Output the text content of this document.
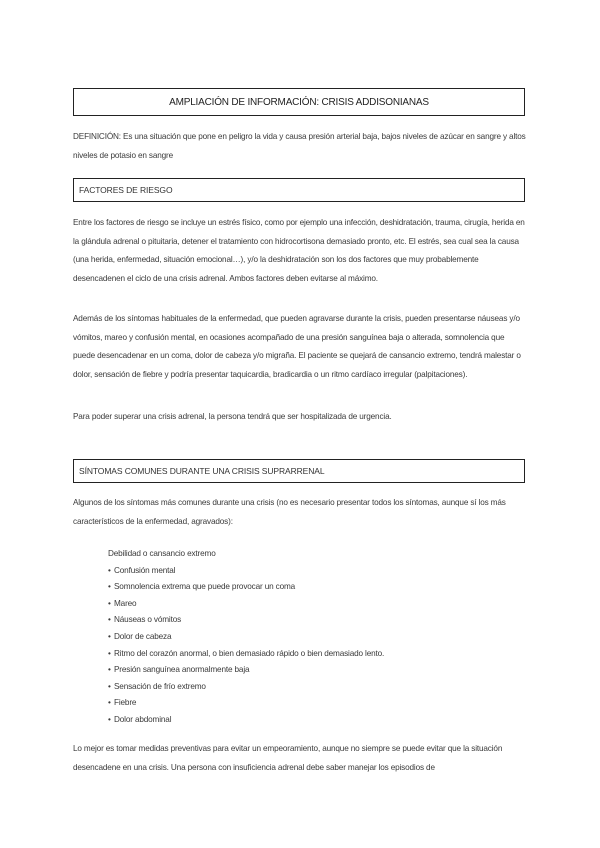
AMPLIACIÓN DE INFORMACIÓN: CRISIS ADDISONIANAS

DEFINICIÓN: Es una situación que pone en peligro la vida y causa presión arterial baja, bajos niveles de azúcar en sangre y altos niveles de potasio en sangre

FACTORES DE RIESGO

Entre los factores de riesgo se incluye un estrés físico, como por ejemplo una infección, deshidratación, trauma, cirugía, herida en la glándula adrenal o pituitaria, detener el tratamiento con hidrocortisona demasiado pronto, etc. El estrés, sea cual sea la causa (una herida, enfermedad, situación emocional…), y/o la deshidratación son los dos factores que muy probablemente desencadenen el ciclo de una crisis adrenal. Ambos factores deben evitarse al máximo.

Además de los síntomas habituales de la enfermedad, que pueden agravarse durante la crisis, pueden presentarse náuseas y/o vómitos, mareo y confusión mental, en ocasiones acompañado de una presión sanguínea baja o alterada, somnolencia que puede desencadenar en un coma, dolor de cabeza y/o migraña. El paciente se quejará de cansancio extremo, tendrá malestar o dolor, sensación de fiebre y podría presentar taquicardia, bradicardia o un ritmo cardíaco irregular (palpitaciones).

Para poder superar una crisis adrenal, la persona tendrá que ser hospitalizada de urgencia.

SÍNTOMAS COMUNES DURANTE UNA CRISIS SUPRARRENAL

Algunos de los síntomas más comunes durante una crisis (no es necesario presentar todos los síntomas, aunque sí los más característicos de la enfermedad, agravados):

Debilidad o cansancio extremo
• Confusión mental
• Somnolencia extrema que puede provocar un coma
• Mareo
• Náuseas o vómitos
• Dolor de cabeza
• Ritmo del corazón anormal, o bien demasiado rápido o bien demasiado lento.
• Presión sanguínea anormalmente baja
• Sensación de frío extremo
• Fiebre
• Dolor abdominal

Lo mejor es tomar medidas preventivas para evitar un empeoramiento, aunque no siempre se puede evitar que la situación desencadene en una crisis. Una persona con insuficiencia adrenal debe saber manejar los episodios de
